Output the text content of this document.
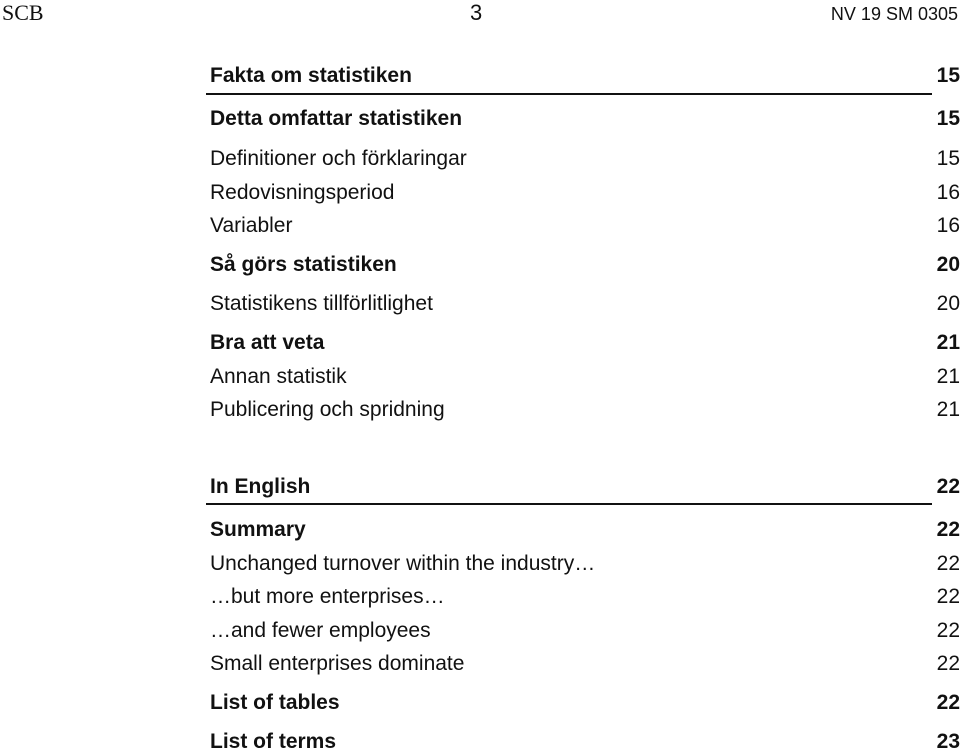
SCB	3	NV 19 SM 0305
Fakta om statistiken	15
Detta omfattar statistiken	15
Definitioner och förklaringar	15
Redovisningsperiod	16
Variabler	16
Så görs statistiken	20
Statistikens tillförlitlighet	20
Bra att veta	21
Annan statistik	21
Publicering och spridning	21
In English	22
Summary	22
Unchanged turnover within the industry…	22
…but more enterprises…	22
…and fewer employees	22
Small enterprises dominate	22
List of tables	22
List of terms	23
